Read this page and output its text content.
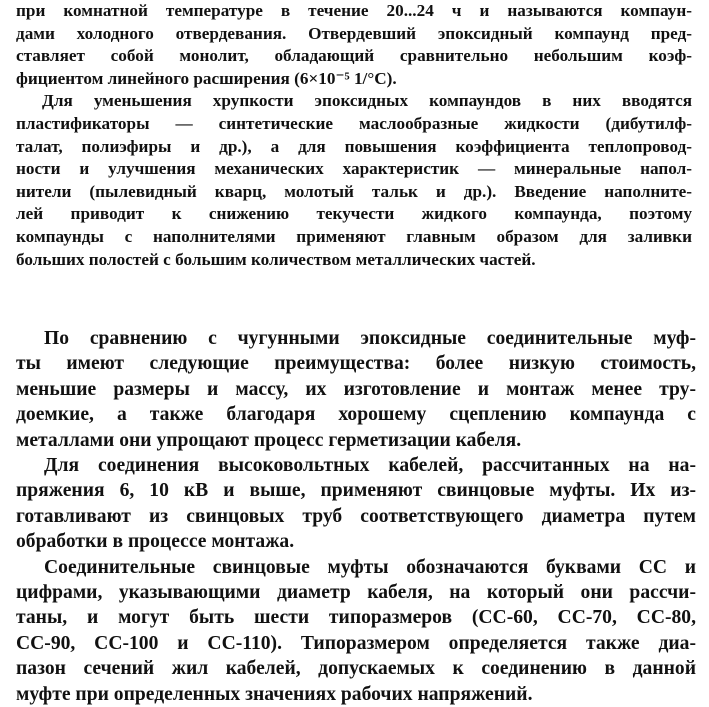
при комнатной температуре в течение 20...24 ч и называются компаун-
дами холодного отвердевания. Отвердевший эпоксидный компаунд пред-
ставляет собой монолит, обладающий сравнительно небольшим коэф-
фициентом линейного расширения (6×10⁻⁵ 1/°С).
Для уменьшения хрупкости эпоксидных компаундов в них вводятся
пластификаторы — синтетические маслообразные жидкости (дибутилф-
талат, полиэфиры и др.), а для повышения коэффициента теплопровод-
ности и улучшения механических характеристик — минеральные напол-
нители (пылевидный кварц, молотый тальк и др.). Введение наполните-
лей приводит к снижению текучести жидкого компаунда, поэтому
компаунды с наполнителями применяют главным образом для заливки
больших полостей с большим количеством металлических частей.
По сравнению с чугунными эпоксидные соединительные муф-
ты имеют следующие преимущества: более низкую стоимость,
меньшие размеры и массу, их изготовление и монтаж менее тру-
доемкие, а также благодаря хорошему сцеплению компаунда с
металлами они упрощают процесс герметизации кабеля.
Для соединения высоковольтных кабелей, рассчитанных на на-
пряжения 6, 10 кВ и выше, применяют свинцовые муфты. Их из-
готавливают из свинцовых труб соответствующего диаметра путем
обработки в процессе монтажа.
Соединительные свинцовые муфты обозначаются буквами СС и
цифрами, указывающими диаметр кабеля, на который они рассчи-
таны, и могут быть шести типоразмеров (СС-60, СС-70, СС-80,
СС-90, СС-100 и СС-110). Типоразмером определяется также диа-
пазон сечений жил кабелей, допускаемых к соединению в данной
муфте при определенных значениях рабочих напряжений.
